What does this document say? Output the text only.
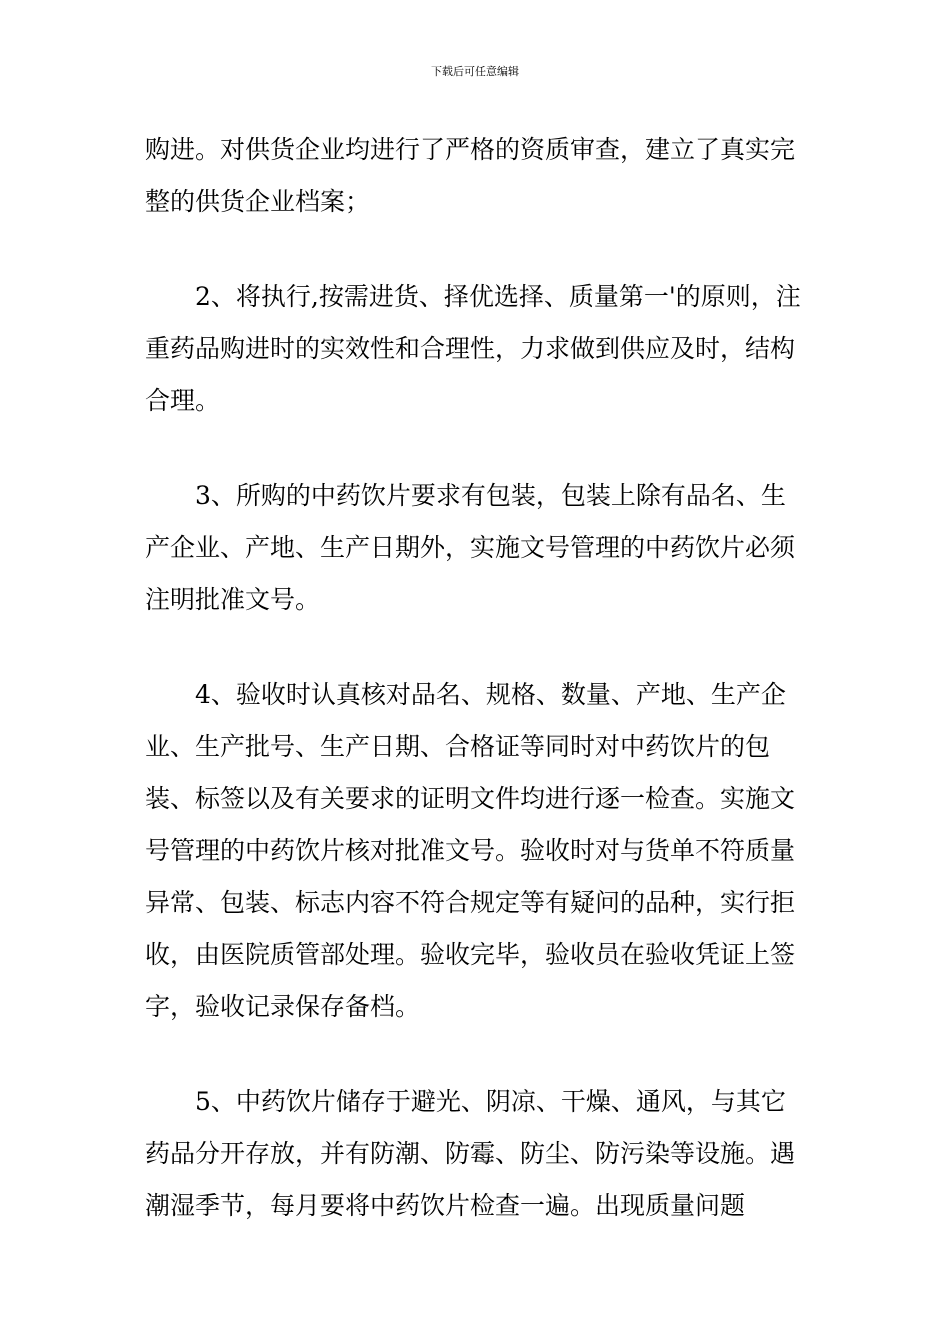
下载后可任意编辑

购进。对供货企业均进行了严格的资质审查，建立了真实完整的供货企业档案；

2、将执行,按需进货、择优选择、质量第一'的原则，注重药品购进时的实效性和合理性，力求做到供应及时，结构合理。

3、所购的中药饮片要求有包装，包装上除有品名、生产企业、产地、生产日期外，实施文号管理的中药饮片必须注明批准文号。

4、验收时认真核对品名、规格、数量、产地、生产企业、生产批号、生产日期、合格证等同时对中药饮片的包装、标签以及有关要求的证明文件均进行逐一检查。实施文号管理的中药饮片核对批准文号。验收时对与货单不符质量异常、包装、标志内容不符合规定等有疑问的品种，实行拒收，由医院质管部处理。验收完毕，验收员在验收凭证上签字，验收记录保存备档。

5、中药饮片储存于避光、阴凉、干燥、通风，与其它药品分开存放，并有防潮、防霉、防尘、防污染等设施。遇潮湿季节，每月要将中药饮片检查一遍。出现质量问题
